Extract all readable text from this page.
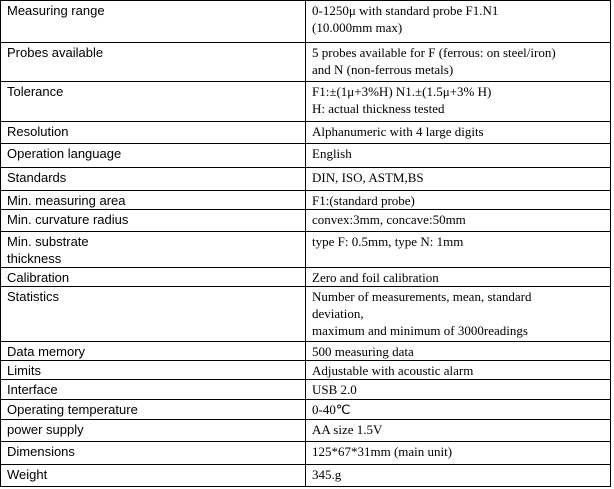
Measuring range	0-1250μ with standard probe F1.N1
(10.000mm max)

Probes available	5 probes available for F (ferrous: on steel/iron)
and N (non-ferrous metals)

Tolerance	F1:±(1μ+3%H) N1.±(1.5μ+3% H)
H: actual thickness tested

Resolution	Alphanumeric with 4 large digits

Operation language	English

Standards	DIN, ISO, ASTM,BS

Min. measuring area	F1:(standard probe)

Min. curvature radius	convex:3mm, concave:50mm

Min. substrate
thickness	type F: 0.5mm, type N: 1mm

Calibration	Zero and foil calibration

Statistics	Number of measurements, mean, standard
deviation,
maximum and minimum of 3000readings

Data memory	500 measuring data

Limits	Adjustable with acoustic alarm

Interface	USB 2.0

Operating temperature	0-40℃

power supply	AA size 1.5V

Dimensions	125*67*31mm (main unit)

Weight	345.g
